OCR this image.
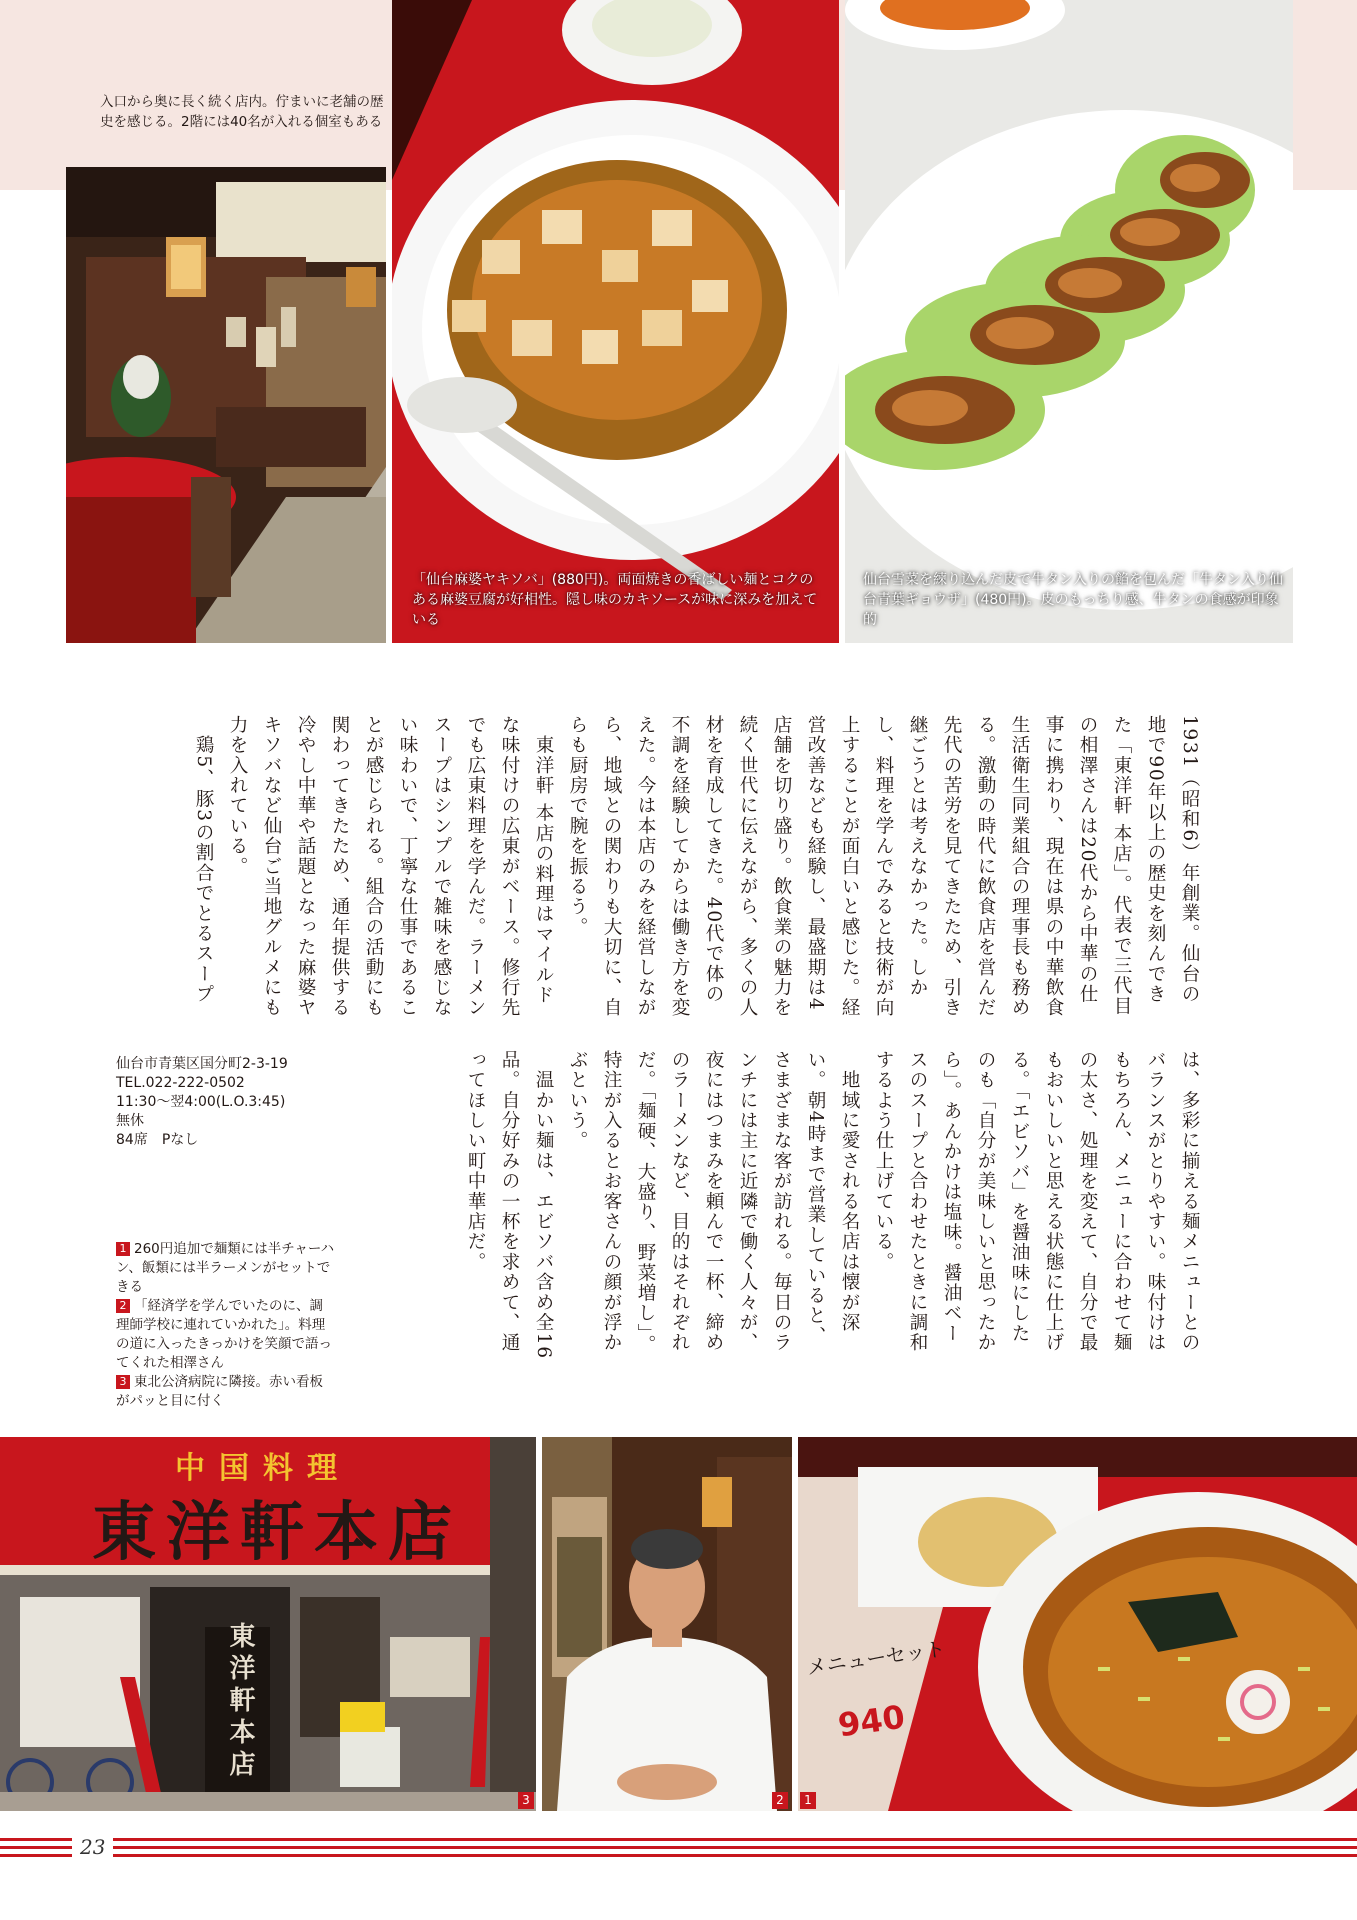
入口から奥に長く続く店内。佇まいに老舗の歴史を感じる。2階には40名が入れる個室もある
「仙台麻婆ヤキソバ」(880円)。両面焼きの香ばしい麺とコクのある麻婆豆腐が好相性。隠し味のカキソースが味に深みを加えている
仙台雪菜を練り込んだ皮で牛タン入りの餡を包んだ「牛タン入り仙台青葉ギョウザ」(480円)。皮のもっちり感、牛タンの食感が印象的
1931（昭和6）年創業。仙台の地で90年以上の歴史を刻んできた「東洋軒 本店」。代表で三代目の相澤さんは20代から中華の仕事に携わり、現在は県の中華飲食生活衛生同業組合の理事長も務める。激動の時代に飲食店を営んだ先代の苦労を見てきたため、引き継ごうとは考えなかった。しかし、料理を学んでみると技術が向上することが面白いと感じた。経営改善なども経験し、最盛期は4店舗を切り盛り。飲食業の魅力を続く世代に伝えながら、多くの人材を育成してきた。40代で体の不調を経験してからは働き方を変えた。今は本店のみを経営しながら、地域との関わりも大切に、自らも厨房で腕を振るう。
　東洋軒 本店の料理はマイルドな味付けの広東がベース。修行先でも広東料理を学んだ。ラーメンスープはシンプルで雑味を感じない味わいで、丁寧な仕事であることが感じられる。組合の活動にも関わってきたため、通年提供する冷やし中華や話題となった麻婆ヤキソバなど仙台ご当地グルメにも力を入れている。
　鶏5、豚3の割合でとるスープ
は、多彩に揃える麺メニューとのバランスがとりやすい。味付けはもちろん、メニューに合わせて麺の太さ、処理を変えて、自分で最もおいしいと思える状態に仕上げる。「エビソバ」を醤油味にしたのも「自分が美味しいと思ったから」。あんかけは塩味。醤油ベースのスープと合わせたときに調和するよう仕上げている。
　地域に愛される名店は懐が深い。朝4時まで営業していると、さまざまな客が訪れる。毎日のランチには主に近隣で働く人々が、夜にはつまみを頼んで一杯、締めのラーメンなど、目的はそれぞれだ。「麺硬、大盛り、野菜増し」。特注が入るとお客さんの顔が浮かぶという。
　温かい麺は、エビソバ含め全16品。自分好みの一杯を求めて、通ってほしい町中華店だ。
仙台市青葉区国分町2-3-19
TEL.022-222-0502
11:30〜翌4:00(L.O.3:45)
無休
84席　Pなし
1 260円追加で麺類には半チャーハン、飯類には半ラーメンがセットできる
2 「経済学を学んでいたのに、調理師学校に連れていかれた」。料理の道に入ったきっかけを笑顔で語ってくれた相澤さん
3 東北公済病院に隣接。赤い看板がパッと目に付く
中国料理
東洋軒本店
東洋軒本店
3	2
メニューセット
940
1
23
